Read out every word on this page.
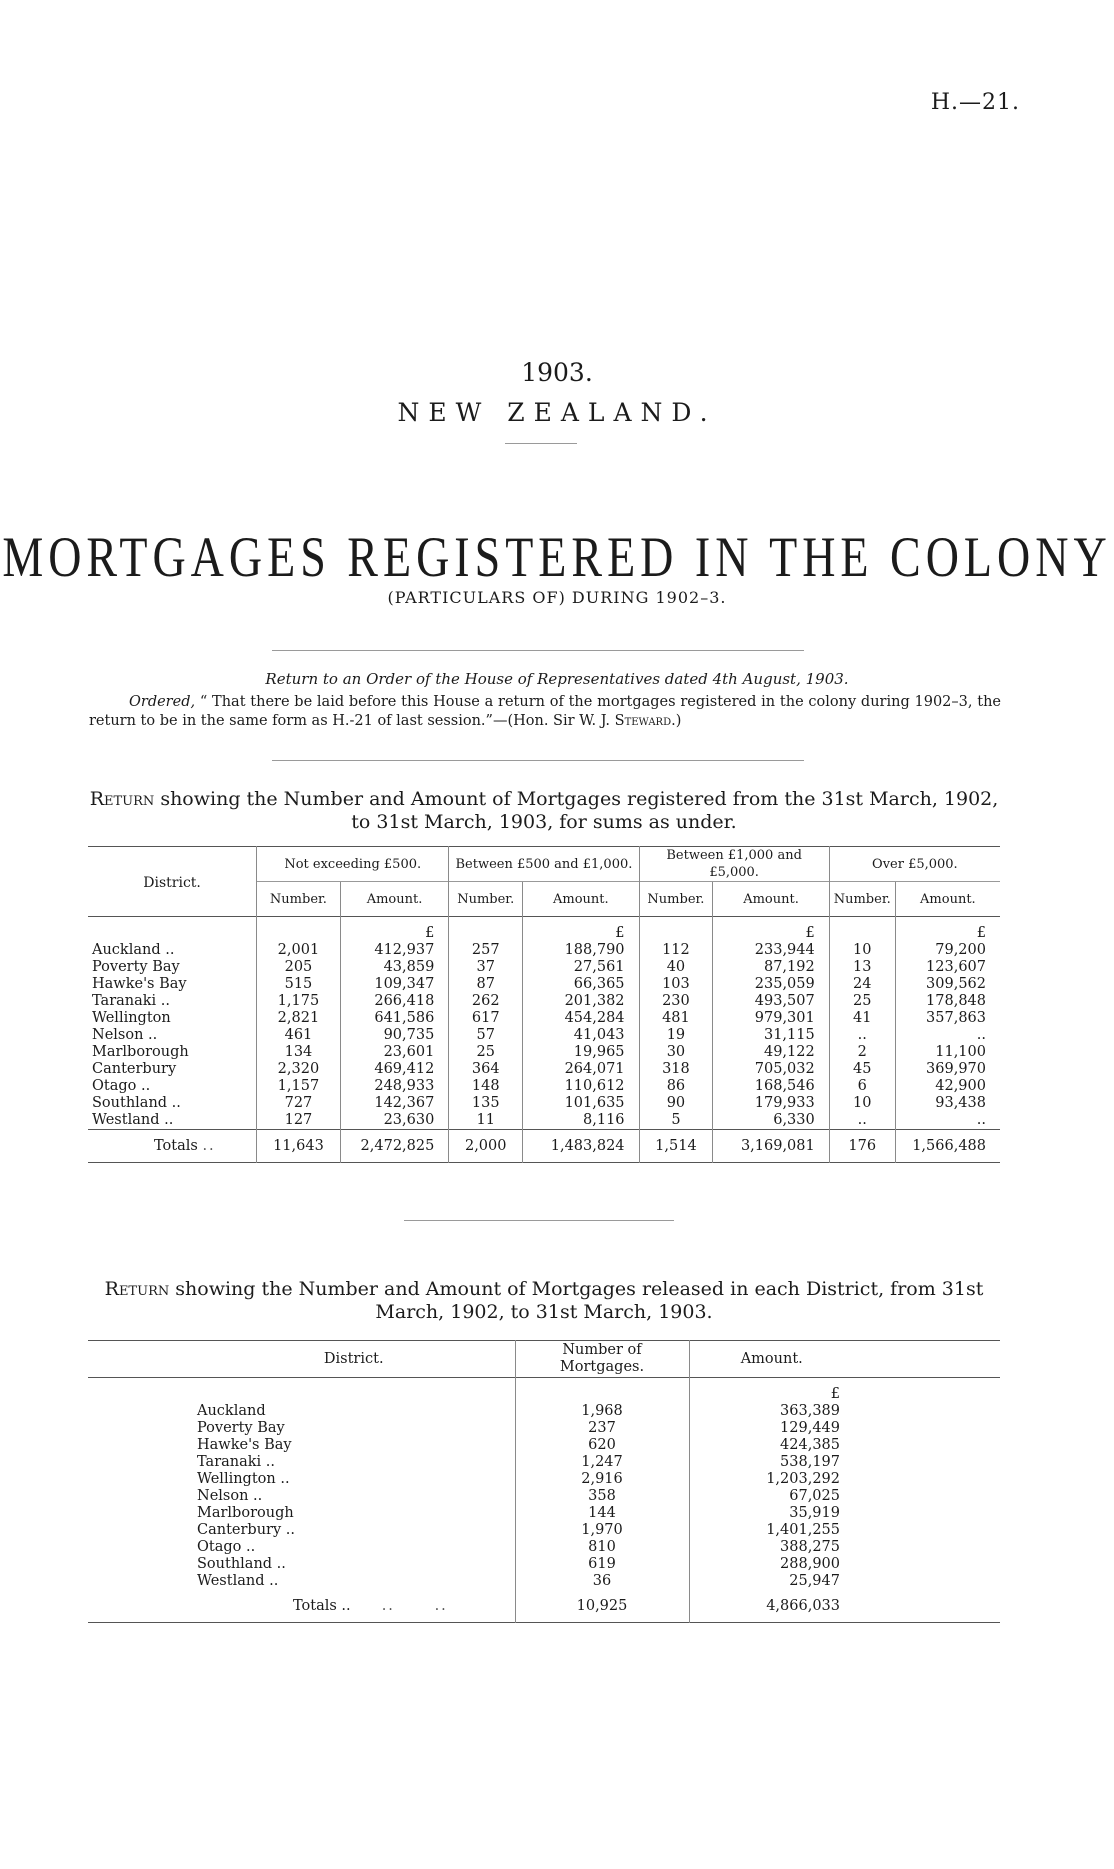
H.—21.
1903.
NEW ZEALAND.
MORTGAGES REGISTERED IN THE COLONY
(PARTICULARS OF) DURING 1902–3.
Return to an Order of the House of Representatives dated 4th August, 1903.
Ordered, “ That there be laid before this House a return of the mortgages registered in the colony during 1902–3, the return to be in the same form as H.-21 of last session.”—(Hon. Sir W. J. Steward.)
Return showing the Number and Amount of Mortgages registered from the 31st March, 1902, to 31st March, 1903, for sums as under.
District.	Not exceeding £500.		Between £500 and £1,000.		Between £1,000 and £5,000.		Over £5,000.	
	Number.	Amount.	Number.	Amount.	Number.	Amount.	Number.	Amount.
		£		£		£		£
Auckland ..	2,001	412,937	257	188,790	112	233,944	10	79,200
Poverty Bay	205	43,859	37	27,561	40	87,192	13	123,607
Hawke's Bay	515	109,347	87	66,365	103	235,059	24	309,562
Taranaki ..	1,175	266,418	262	201,382	230	493,507	25	178,848
Wellington	2,821	641,586	617	454,284	481	979,301	41	357,863
Nelson ..	461	90,735	57	41,043	19	31,115	..	..
Marlborough	134	23,601	25	19,965	30	49,122	2	11,100
Canterbury	2,320	469,412	364	264,071	318	705,032	45	369,970
Otago ..	1,157	248,933	148	110,612	86	168,546	6	42,900
Southland ..	727	142,367	135	101,635	90	179,933	10	93,438
Westland ..	127	23,630	11	8,116	5	6,330	..	..
Totals ..	11,643	2,472,825	2,000	1,483,824	1,514	3,169,081	176	1,566,488
Return showing the Number and Amount of Mortgages released in each District, from 31st March, 1902, to 31st March, 1903.
	District.	Number of Mortgages.	Amount.	
			£	
	Auckland	1,968	363,389	
	Poverty Bay	237	129,449	
	Hawke's Bay	620	424,385	
	Taranaki ..	1,247	538,197	
	Wellington ..	2,916	1,203,292	
	Nelson ..	358	67,025	
	Marlborough	144	35,919	
	Canterbury ..	1,970	1,401,255	
	Otago ..	810	388,275	
	Southland ..	619	288,900	
	Westland ..	36	25,947	
	Totals ..     ..      ..	10,925	4,866,033	
